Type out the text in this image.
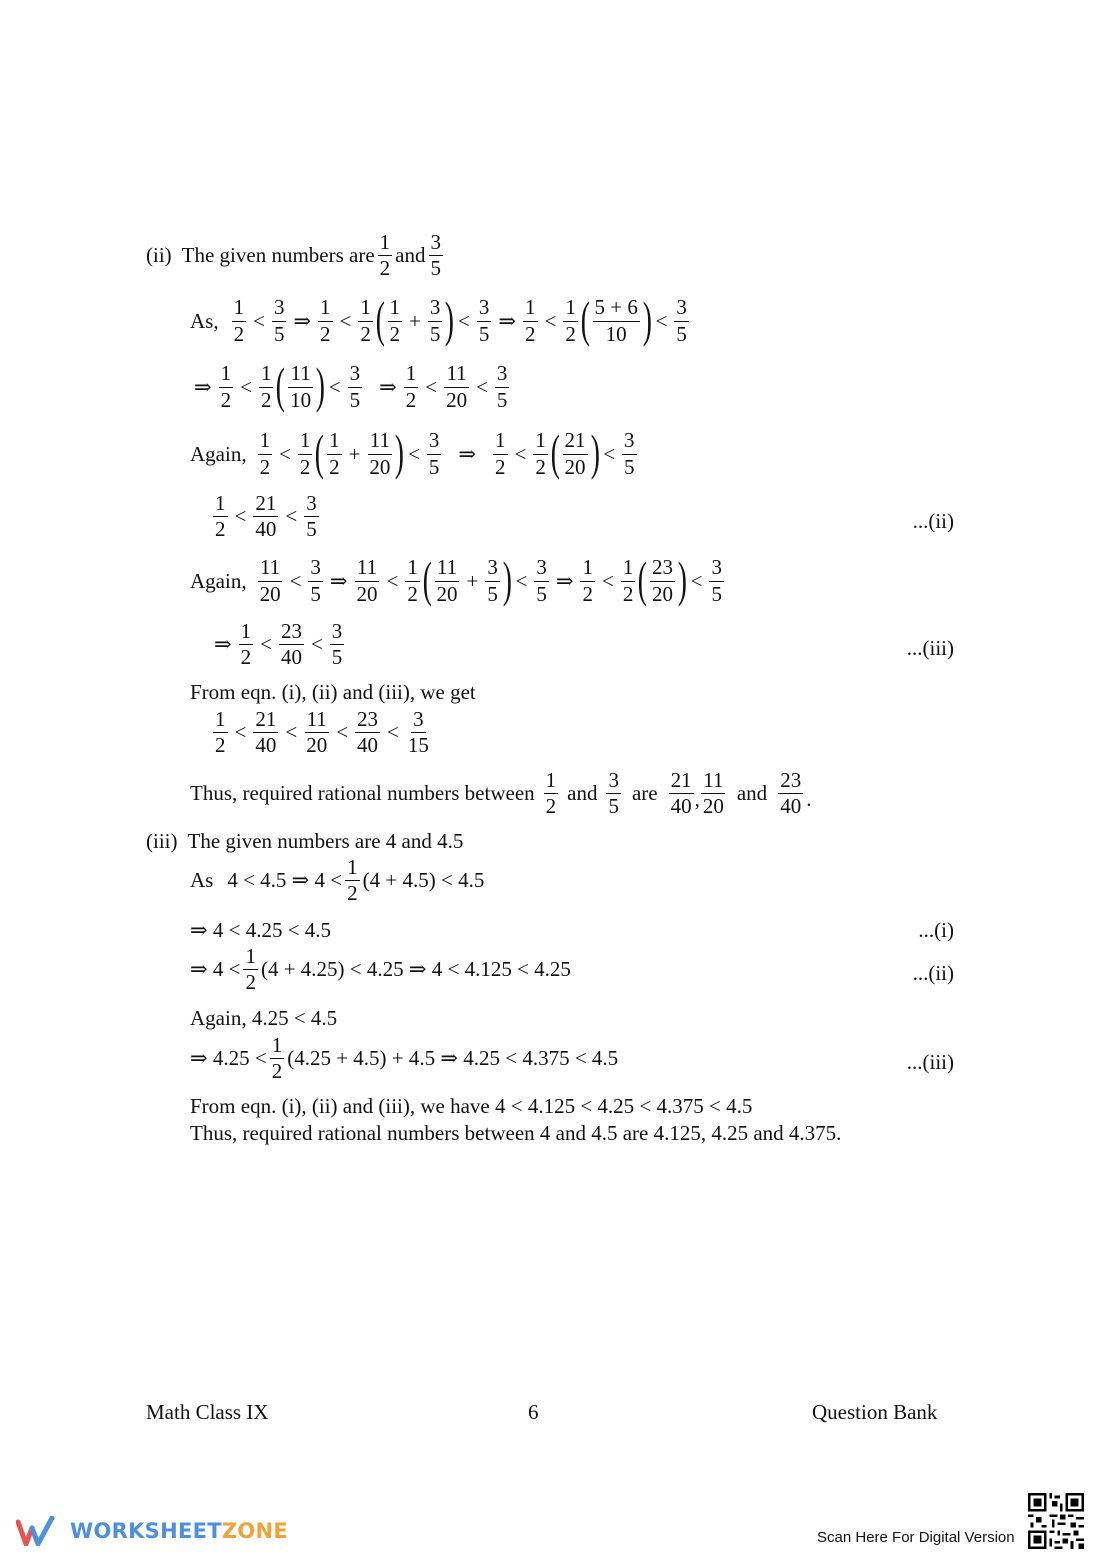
(ii) The given numbers are $\frac{1}{2}$ and $\frac{3}{5}$
As, $\frac{1}{2} < \frac{3}{5}$ ⇒ $\frac{1}{2} < \frac{1}{2}$ ( $\frac{1}{2} + \frac{3}{5}$ ) < $\frac{3}{5}$ ⇒ $\frac{1}{2} < \frac{1}{2}$ ( $\frac{5 + 6}{10}$ ) < $\frac{3}{5}$
⇒ $\frac{1}{2} < \frac{1}{2}$ ( $\frac{11}{10}$ ) < $\frac{3}{5}$ ⇒ $\frac{1}{2} < \frac{11}{20} < \frac{3}{5}$
Again, $\frac{1}{2} < \frac{1}{2}$ ( $\frac{1}{2} + \frac{11}{20}$ ) < $\frac{3}{5}$ ⇒ $\frac{1}{2} < \frac{1}{2}$ ( $\frac{21}{20}$ ) < $\frac{3}{5}$
$\frac{1}{2} < \frac{21}{40} < \frac{3}{5}$	...(ii)
Again, $\frac{11}{20} < \frac{3}{5}$ ⇒ $\frac{11}{20} < \frac{1}{2}$ ( $\frac{11}{20} + \frac{3}{5}$ ) < $\frac{3}{5}$ ⇒ $\frac{1}{2} < \frac{1}{2}$ ( $\frac{23}{20}$ ) < $\frac{3}{5}$
⇒ $\frac{1}{2} < \frac{23}{40} < \frac{3}{5}$	...(iii)
From eqn. (i), (ii) and (iii), we get
$\frac{1}{2} < \frac{21}{40} < \frac{11}{20} < \frac{23}{40} < \frac{3}{15}$
Thus, required rational numbers between $\frac{1}{2}$ and $\frac{3}{5}$ are $\frac{21}{40}$ , $\frac{11}{20}$ and $\frac{23}{40}$ .
(iii) The given numbers are 4 and 4.5
As 4 < 4.5 ⇒ $4 < \frac{1}{2} (4 + 4.5) < 4.5$
⇒ 4 < 4.25 < 4.5	...(i)
⇒ $4 < \frac{1}{2} (4 + 4.25) < 4.25$ ⇒ 4 < 4.125 < 4.25	...(ii)
Again, 4.25 < 4.5
⇒ $4.25 < \frac{1}{2} (4.25 + 4.5) + 4.5$ ⇒ 4.25 < 4.375 < 4.5	...(iii)
From eqn. (i), (ii) and (iii), we have 4 < 4.125 < 4.25 < 4.375 < 4.5
Thus, required rational numbers between 4 and 4.5 are 4.125, 4.25 and 4.375.
Math Class IX	6	Question Bank
WORKSHEETZONE	Scan Here For Digital Version
